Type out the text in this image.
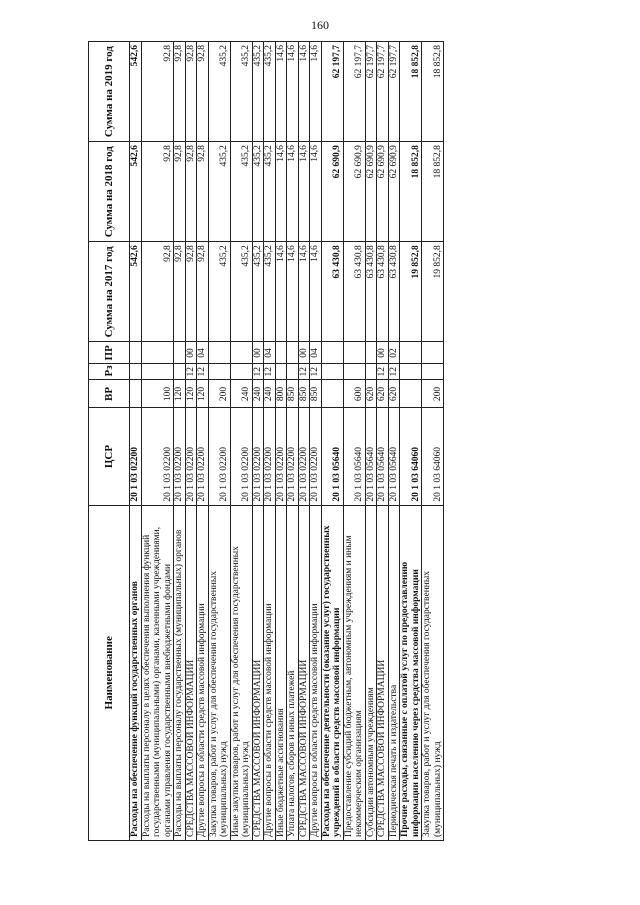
160
Наименование	ЦСР	ВР	Рз	ПР	Сумма на 2017 год	Сумма на 2018 год	Сумма на 2019 год
Расходы на обеспечение функций государственных органов	20 1 03 02200				542,6	542,6	542,6
Расходы на выплаты персоналу в целях обеспечения выполнения функций государственными (муниципальными) органами, казенными учреждениями, органами управления государственными внебюджетными фондами	20 1 03 02200	100			92,8	92,8	92,8
Расходы на выплаты персоналу государственных (муниципальных) органов	20 1 03 02200	120			92,8	92,8	92,8
СРЕДСТВА МАССОВОЙ ИНФОРМАЦИИ	20 1 03 02200	120	12	00	92,8	92,8	92,8
Другие вопросы в области средств массовой информации	20 1 03 02200	120	12	04	92,8	92,8	92,8
Закупка товаров, работ и услуг для обеспечения государственных (муниципальных) нужд	20 1 03 02200	200			435,2	435,2	435,2
Иные закупки товаров, работ и услуг для обеспечения государственных (муниципальных) нужд	20 1 03 02200	240			435,2	435,2	435,2
СРЕДСТВА МАССОВОЙ ИНФОРМАЦИИ	20 1 03 02200	240	12	00	435,2	435,2	435,2
Другие вопросы в области средств массовой информации	20 1 03 02200	240	12	04	435,2	435,2	435,2
Иные бюджетные ассигнования	20 1 03 02200	800			14,6	14,6	14,6
Уплата налогов, сборов и иных платежей	20 1 03 02200	850			14,6	14,6	14,6
СРЕДСТВА МАССОВОЙ ИНФОРМАЦИИ	20 1 03 02200	850	12	00	14,6	14,6	14,6
Другие вопросы в области средств массовой информации	20 1 03 02200	850	12	04	14,6	14,6	14,6
Расходы на обеспечение деятельности (оказание услуг) государственных учреждений в области средств массовой информации	20 1 03 05640				63 430,8	62 690,9	62 197,7
Предоставление субсидий бюджетным, автономным учреждениям и иным некоммерческим организациям	20 1 03 05640	600			63 430,8	62 690,9	62 197,7
Субсидии автономным учреждениям	20 1 03 05640	620			63 430,8	62 690,9	62 197,7
СРЕДСТВА МАССОВОЙ ИНФОРМАЦИИ	20 1 03 05640	620	12	00	63 430,8	62 690,9	62 197,7
Периодическая печать и издательства	20 1 03 05640	620	12	02	63 430,8	62 690,9	62 197,7
Прочие расходы, связанные с оплатой услуг по предоставлению информации населению через средства массовой информации	20 1 03 64060				19 852,8	18 852,8	18 852,8
Закупка товаров, работ и услуг для обеспечения государственных (муниципальных) нужд	20 1 03 64060	200			19 852,8	18 852,8	18 852,8
